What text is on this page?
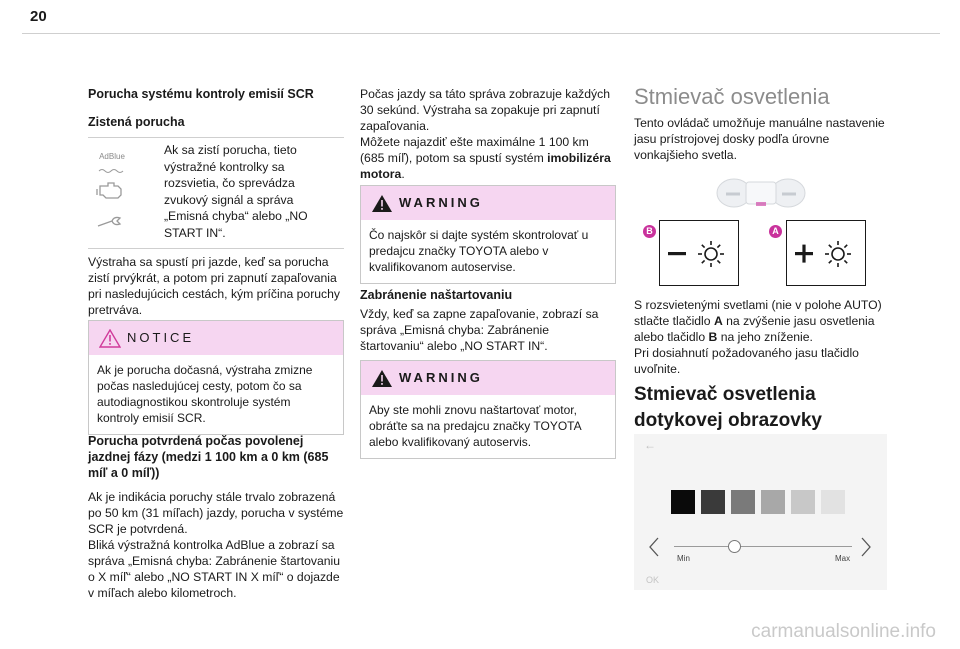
20
Porucha systému kontroly emisií SCR
Zistená porucha
AdBlue	Ak sa zistí porucha, tieto výstražné kontrolky sa rozsvietia, čo sprevádza zvukový signál a správa „Emisná chyba“ alebo „NO START IN“.
Výstraha sa spustí pri jazde, keď sa porucha zistí prvýkrát, a potom pri zapnutí zapaľovania pri nasledujúcich cestách, kým príčina poruchy pretrváva.
NOTICE
Ak je porucha dočasná, výstraha zmizne počas nasledujúcej cesty, potom čo sa autodiagnostikou skontroluje systém kontroly emisií SCR.
Porucha potvrdená počas povolenej jazdnej fázy (medzi 1 100 km a 0 km (685 míľ a 0 míľ))
Ak je indikácia poruchy stále trvalo zobrazená po 50 km (31 míľach) jazdy, porucha v systéme SCR je potvrdená.
Bliká výstražná kontrolka AdBlue a zobrazí sa správa „Emisná chyba: Zabránenie štartovaniu o X míľ“ alebo „NO START IN X míľ“ o dojazde v míľach alebo kilometroch.
Počas jazdy sa táto správa zobrazuje každých 30 sekúnd. Výstraha sa zopakuje pri zapnutí zapaľovania.
Môžete najazdiť ešte maximálne 1 100 km (685 míľ), potom sa spustí systém imobilizéra motora.
WARNING
Čo najskôr si dajte systém skontrolovať u predajcu značky TOYOTA alebo v kvalifikovanom autoservise.
Zabránenie naštartovaniu
Vždy, keď sa zapne zapaľovanie, zobrazí sa správa „Emisná chyba: Zabránenie štartovaniu“ alebo „NO START IN“.
WARNING
Aby ste mohli znovu naštartovať motor, obráťte sa na predajcu značky TOYOTA alebo kvalifikovaný autoservis.
Stmievač osvetlenia
Tento ovládač umožňuje manuálne nastavenie jasu prístrojovej dosky podľa úrovne vonkajšieho svetla.
B	A
S rozsvietenými svetlami (nie v polohe AUTO) stlačte tlačidlo A na zvýšenie jasu osvetlenia alebo tlačidlo B na jeho zníženie.
Pri dosiahnutí požadovaného jasu tlačidlo uvoľnite.
Stmievač osvetlenia
dotykovej obrazovky
←
Min	Max
OK
carmanualsonline.info
